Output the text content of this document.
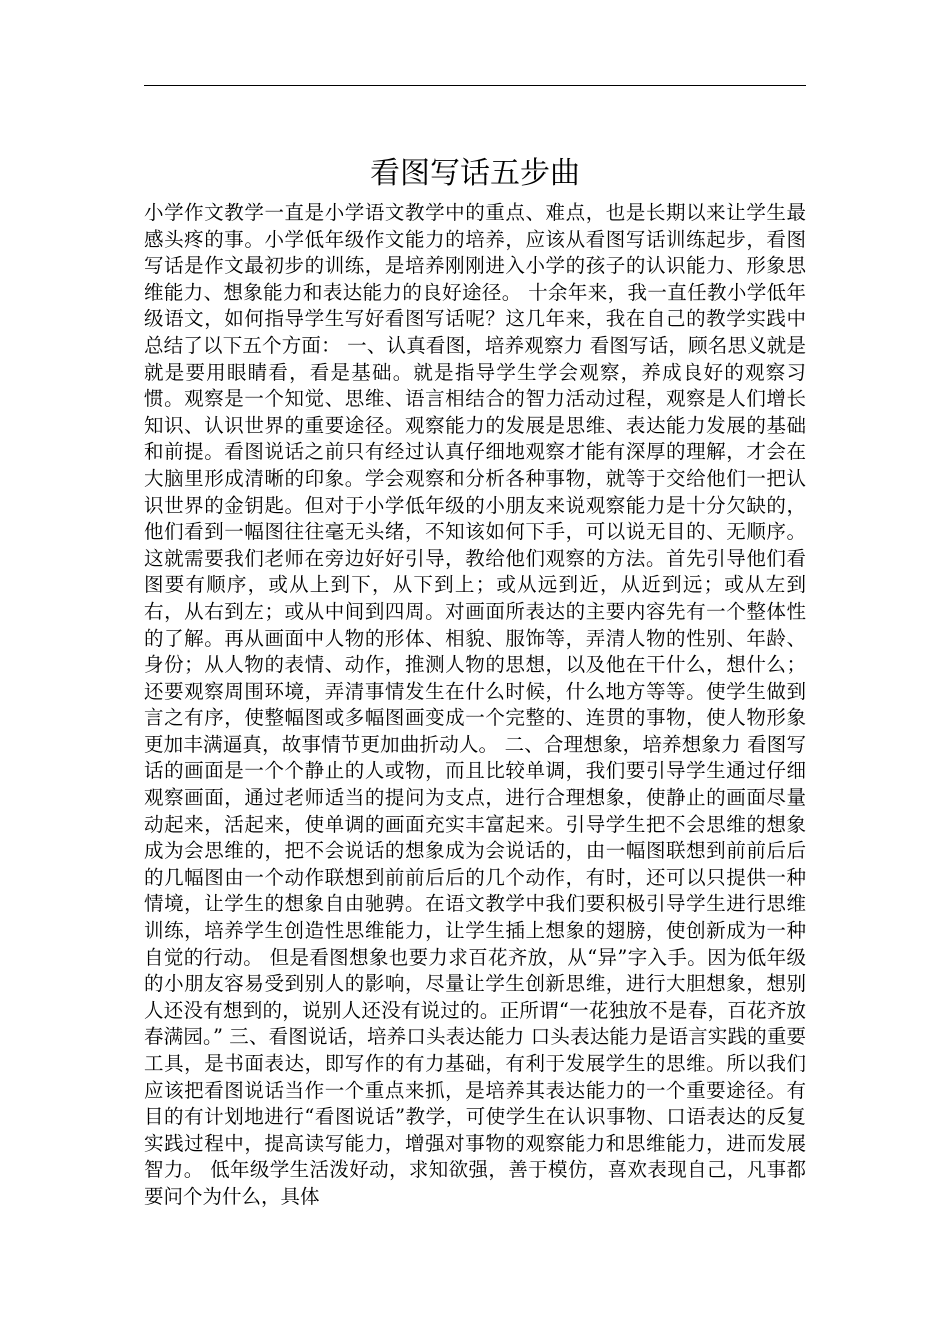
看图写话五步曲

小学作文教学一直是小学语文教学中的重点、难点，也是长期以来让学生最感头疼的事。小学低年级作文能力的培养，应该从看图写话训练起步，看图写话是作文最初步的训练，是培养刚刚进入小学的孩子的认识能力、形象思维能力、想象能力和表达能力的良好途径。 十余年来，我一直任教小学低年级语文，如何指导学生写好看图写话呢？这几年来，我在自己的教学实践中总结了以下五个方面： 一、认真看图，培养观察力 看图写话，顾名思义就是就是要用眼睛看，看是基础。就是指导学生学会观察，养成良好的观察习惯。观察是一个知觉、思维、语言相结合的智力活动过程，观察是人们增长知识、认识世界的重要途径。观察能力的发展是思维、表达能力发展的基础和前提。看图说话之前只有经过认真仔细地观察才能有深厚的理解，才会在大脑里形成清晰的印象。学会观察和分析各种事物，就等于交给他们一把认识世界的金钥匙。但对于小学低年级的小朋友来说观察能力是十分欠缺的，他们看到一幅图往往毫无头绪，不知该如何下手，可以说无目的、无顺序。这就需要我们老师在旁边好好引导，教给他们观察的方法。首先引导他们看图要有顺序，或从上到下，从下到上；或从远到近，从近到远；或从左到右，从右到左；或从中间到四周。对画面所表达的主要内容先有一个整体性的了解。再从画面中人物的形体、相貌、服饰等，弄清人物的性别、年龄、身份；从人物的表情、动作，推测人物的思想，以及他在干什么，想什么；还要观察周围环境，弄清事情发生在什么时候，什么地方等等。使学生做到言之有序，使整幅图或多幅图画变成一个完整的、连贯的事物，使人物形象更加丰满逼真，故事情节更加曲折动人。 二、合理想象，培养想象力 看图写话的画面是一个个静止的人或物，而且比较单调，我们要引导学生通过仔细观察画面，通过老师适当的提问为支点，进行合理想象，使静止的画面尽量动起来，活起来，使单调的画面充实丰富起来。引导学生把不会思维的想象成为会思维的，把不会说话的想象成为会说话的，由一幅图联想到前前后后的几幅图由一个动作联想到前前后后的几个动作，有时，还可以只提供一种情境，让学生的想象自由驰骋。在语文教学中我们要积极引导学生进行思维训练，培养学生创造性思维能力，让学生插上想象的翅膀，使创新成为一种自觉的行动。 但是看图想象也要力求百花齐放，从“异”字入手。因为低年级的小朋友容易受到别人的影响，尽量让学生创新思维，进行大胆想象，想别人还没有想到的，说别人还没有说过的。正所谓“一花独放不是春，百花齐放春满园。” 三、看图说话，培养口头表达能力 口头表达能力是语言实践的重要工具，是书面表达，即写作的有力基础，有利于发展学生的思维。所以我们应该把看图说话当作一个重点来抓，是培养其表达能力的一个重要途径。有目的有计划地进行“看图说话”教学，可使学生在认识事物、口语表达的反复实践过程中，提高读写能力，增强对事物的观察能力和思维能力，进而发展智力。 低年级学生活泼好动，求知欲强，善于模仿，喜欢表现自己，凡事都要问个为什么，具体
